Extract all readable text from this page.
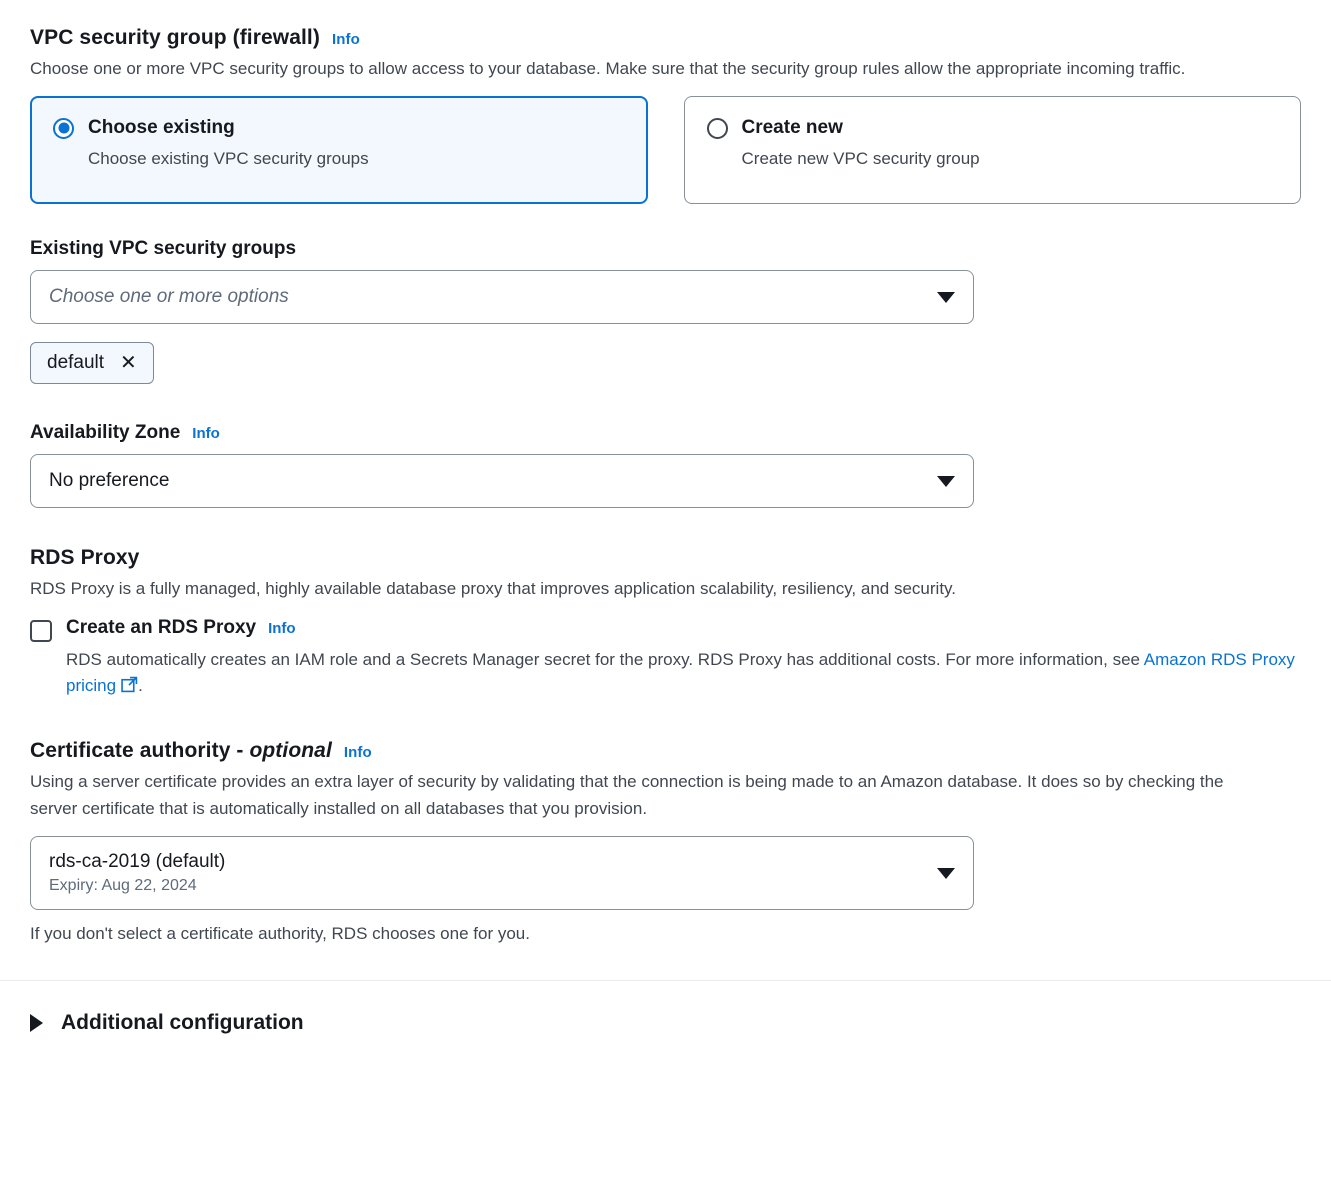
VPC security group (firewall) Info

Choose one or more VPC security groups to allow access to your database. Make sure that the security group rules allow the appropriate incoming traffic.

Choose existing
Choose existing VPC security groups
Create new
Create new VPC security group
Existing VPC security groups
Choose one or more options
default ✕
Availability Zone Info
No preference
RDS Proxy

RDS Proxy is a fully managed, highly available database proxy that improves application scalability, resiliency, and security.

Create an RDS Proxy Info

RDS automatically creates an IAM role and a Secrets Manager secret for the proxy. RDS Proxy has additional costs. For more information, see Amazon RDS Proxy pricing .

Certificate authority - optional Info

Using a server certificate provides an extra layer of security by validating that the connection is being made to an Amazon database. It does so by checking the server certificate that is automatically installed on all databases that you provision.

rds-ca-2019 (default)
Expiry: Aug 22, 2024

If you don't select a certificate authority, RDS chooses one for you.

Additional configuration
